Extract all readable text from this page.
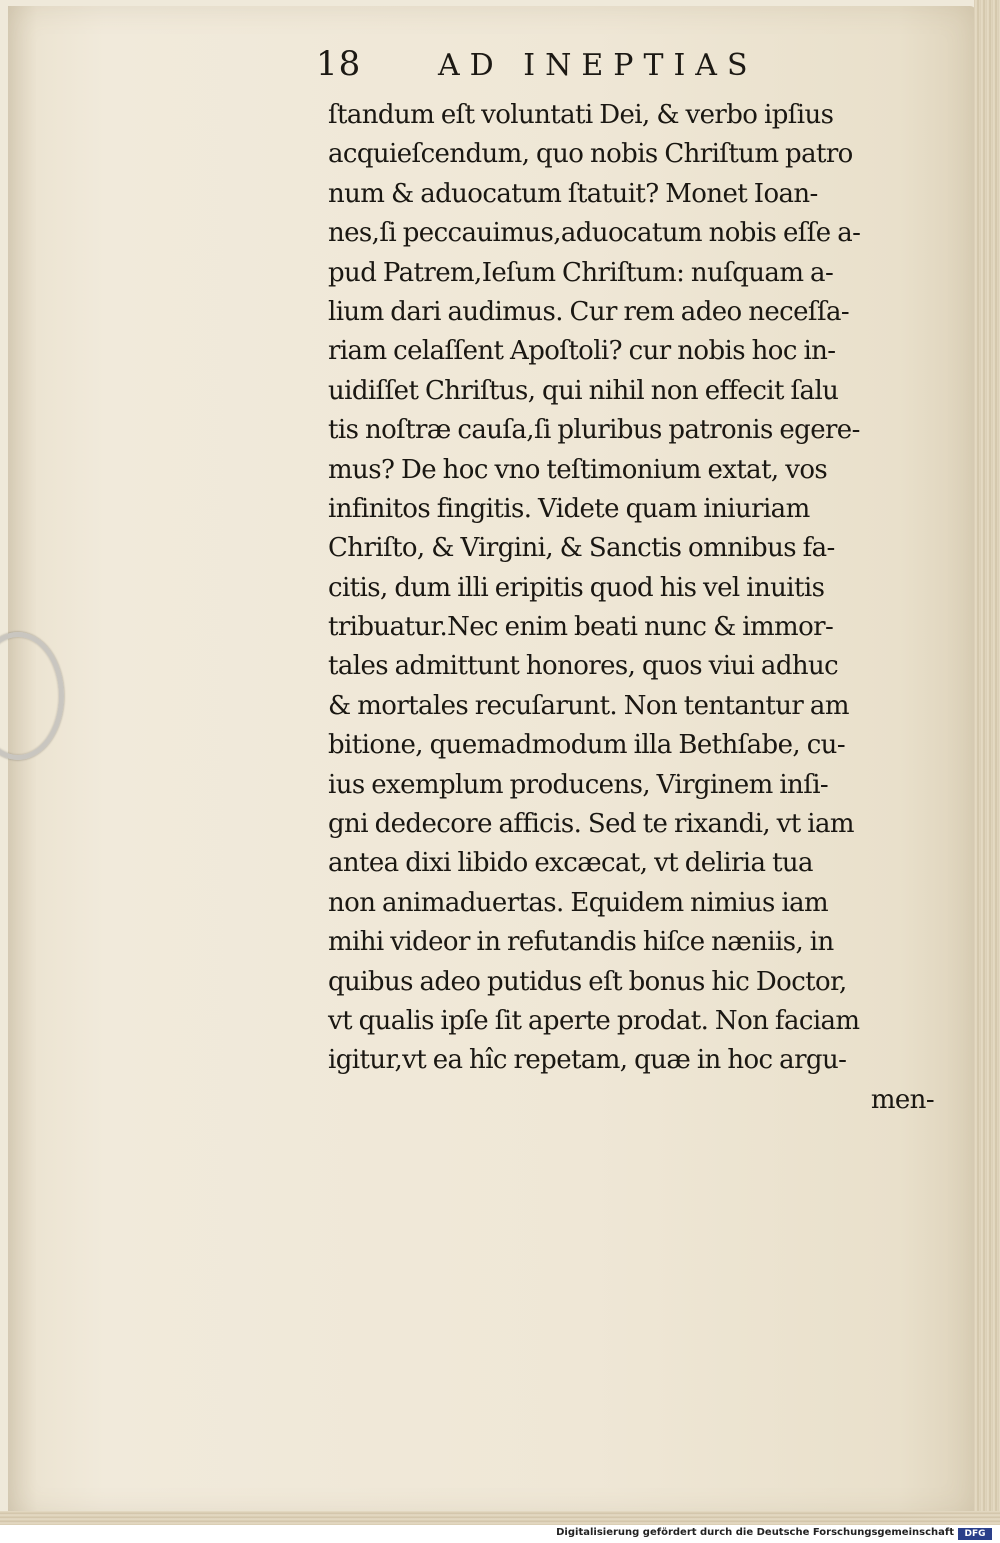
18	AD INEPTIAS
ſtandum eſt voluntati Dei, & verbo ipſius
acquieſcendum, quo nobis Chriſtum patro
num & aduocatum ſtatuit? Monet Ioan-
nes,ſi peccauimus,aduocatum nobis eſſe a-
pud Patrem,Ieſum Chriſtum: nuſquam a-
lium dari audimus. Cur rem adeo neceſſa-
riam celaſſent Apoſtoli? cur nobis hoc in-
uidiſſet Chriſtus, qui nihil non effecit ſalu
tis noſtræ cauſa,ſi pluribus patronis egere-
mus? De hoc vno teſtimonium extat, vos
infinitos fingitis. Videte quam iniuriam
Chriſto, & Virgini, & Sanctis omnibus fa-
citis, dum illi eripitis quod his vel inuitis
tribuatur.Nec enim beati nunc & immor-
tales admittunt honores, quos viui adhuc
& mortales recuſarunt. Non tentantur am
bitione, quemadmodum illa Bethſabe, cu-
ius exemplum producens, Virginem inſi-
gni dedecore afficis. Sed te rixandi, vt iam
antea dixi libido excæcat, vt deliria tua
non animaduertas. Equidem nimius iam
mihi videor in refutandis hiſce næniis, in
quibus adeo putidus eſt bonus hic Doctor,
vt qualis ipſe ſit aperte prodat. Non faciam
igitur,vt ea hîc repetam, quæ in hoc argu-
men-
Digitalisierung gefördert durch die Deutsche Forschungsgemeinschaft	DFG
